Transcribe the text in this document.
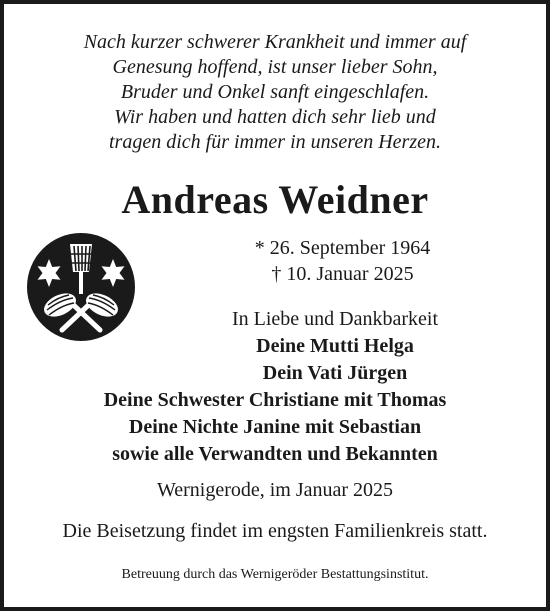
Nach kurzer schwerer Krankheit und immer auf
Genesung hoffend, ist unser lieber Sohn,
Bruder und Onkel sanft eingeschlafen.
Wir haben und hatten dich sehr lieb und
tragen dich für immer in unseren Herzen.
Andreas Weidner
* 26. September 1964
† 10. Januar 2025
In Liebe und Dankbarkeit
Deine Mutti Helga
Dein Vati Jürgen
Deine Schwester Christiane mit Thomas
Deine Nichte Janine mit Sebastian
sowie alle Verwandten und Bekannten
Wernigerode, im Januar 2025
Die Beisetzung findet im engsten Familienkreis statt.
Betreuung durch das Wernigeröder Bestattungsinstitut.
